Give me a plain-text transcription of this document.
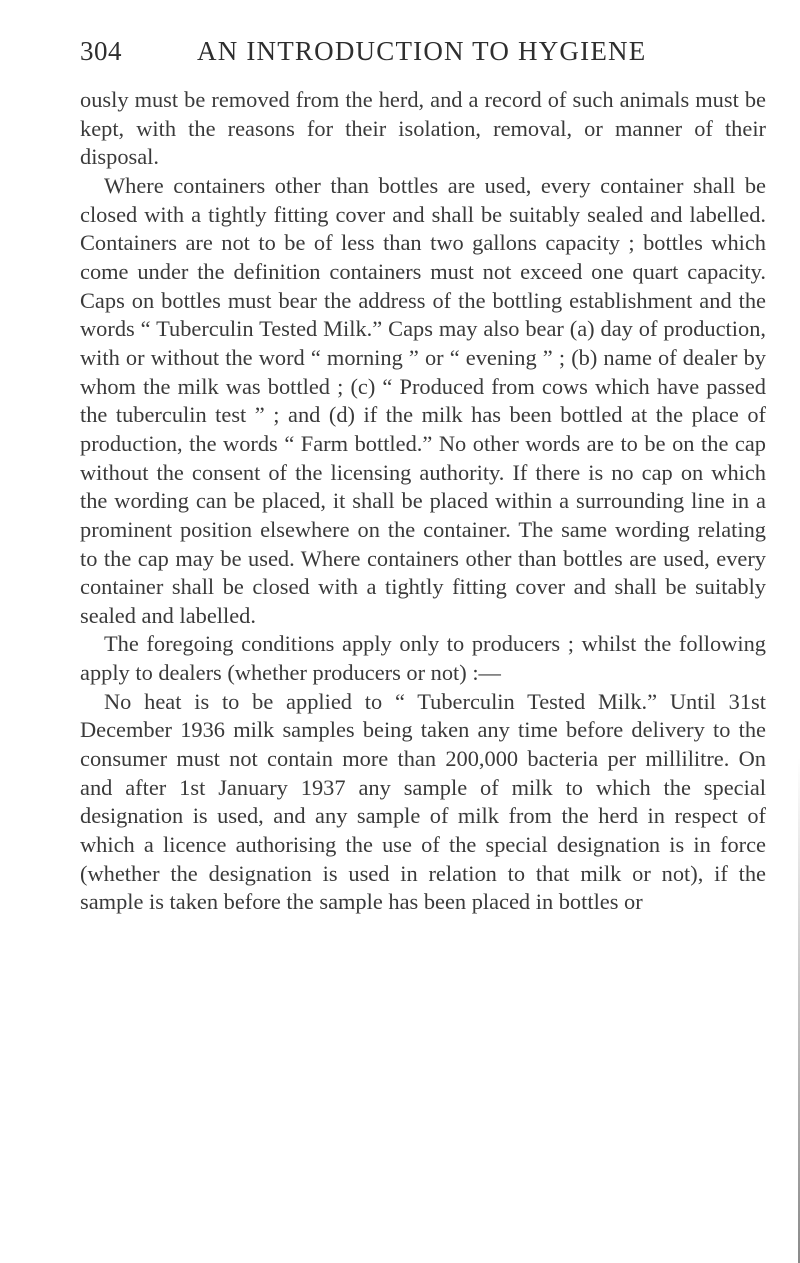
304	AN INTRODUCTION TO HYGIENE

ously must be removed from the herd, and a record of such animals must be kept, with the reasons for their isolation, removal, or manner of their disposal.

Where containers other than bottles are used, every container shall be closed with a tightly fitting cover and shall be suitably sealed and labelled. Containers are not to be of less than two gallons capacity ; bottles which come under the definition containers must not exceed one quart capacity. Caps on bottles must bear the address of the bottling establishment and the words “ Tuberculin Tested Milk.” Caps may also bear (a) day of production, with or without the word “ morning ” or “ evening ” ; (b) name of dealer by whom the milk was bottled ; (c) “ Produced from cows which have passed the tuberculin test ” ; and (d) if the milk has been bottled at the place of production, the words “ Farm bottled.” No other words are to be on the cap without the consent of the licensing authority. If there is no cap on which the wording can be placed, it shall be placed within a surrounding line in a prominent position elsewhere on the container. The same wording relating to the cap may be used. Where containers other than bottles are used, every container shall be closed with a tightly fitting cover and shall be suitably sealed and labelled.

The foregoing conditions apply only to producers ; whilst the following apply to dealers (whether producers or not) :—

No heat is to be applied to “ Tuberculin Tested Milk.” Until 31st December 1936 milk samples being taken any time before delivery to the consumer must not contain more than 200,000 bacteria per millilitre. On and after 1st January 1937 any sample of milk to which the special designation is used, and any sample of milk from the herd in respect of which a licence authorising the use of the special designation is in force (whether the designation is used in relation to that milk or not), if the sample is taken before the sample has been placed in bottles or
